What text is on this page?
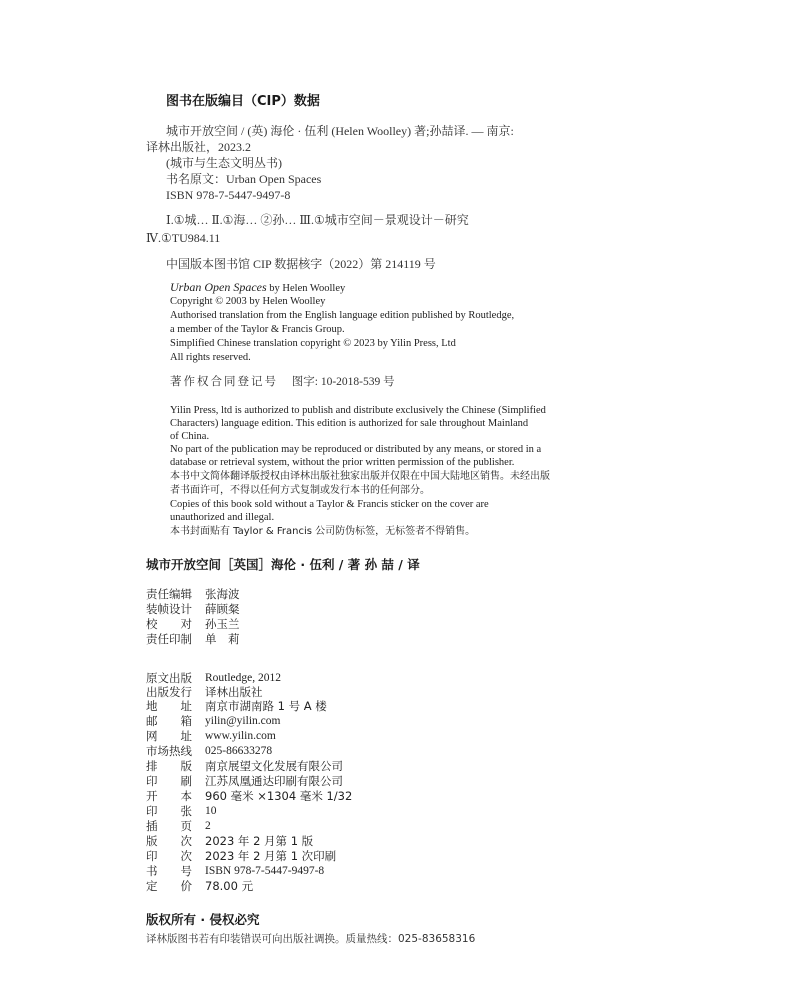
图书在版编目（CIP）数据
城市开放空间 / (英) 海伦 · 伍利 (Helen Woolley) 著;孙喆译. — 南京:
译林出版社，2023.2
(城市与生态文明丛书)
书名原文：Urban Open Spaces
ISBN 978-7-5447-9497-8
Ⅰ.①城… Ⅱ.①海… ②孙… Ⅲ.①城市空间－景观设计－研究
Ⅳ.①TU984.11
中国版本图书馆 CIP 数据核字（2022）第 214119 号
Urban Open Spaces by Helen Woolley
Copyright © 2003 by Helen Woolley
Authorised translation from the English language edition published by Routledge,
a member of the Taylor & Francis Group.
Simplified Chinese translation copyright © 2023 by Yilin Press, Ltd
All rights reserved.
著作权合同登记号 图字: 10-2018-539 号
Yilin Press, ltd is authorized to publish and distribute exclusively the Chinese (Simplified
Characters) language edition. This edition is authorized for sale throughout Mainland
of China.
No part of the publication may be reproduced or distributed by any means, or stored in a
database or retrieval system, without the prior written permission of the publisher.
本书中文简体翻译版授权由译林出版社独家出版并仅限在中国大陆地区销售。未经出版
者书面许可，不得以任何方式复制或发行本书的任何部分。
Copies of this book sold without a Taylor & Francis sticker on the cover are
unauthorized and illegal.
本书封面贴有 Taylor & Francis 公司防伪标签，无标签者不得销售。
城市开放空间［英国］海伦 · 伍利 / 著 孙 喆 / 译
责任编辑 张海波
装帧设计 薛顾粲
校　　对 孙玉兰
责任印制 单　莉
原文出版 Routledge, 2012
出版发行 译林出版社
地　　址 南京市湖南路 1 号 A 楼
邮　　箱 yilin@yilin.com
网　　址 www.yilin.com
市场热线 025-86633278
排　　版 南京展望文化发展有限公司
印　　刷 江苏凤凰通达印刷有限公司
开　　本 960 毫米 ×1304 毫米 1/32
印　　张 10
插　　页 2
版　　次 2023 年 2 月第 1 版
印　　次 2023 年 2 月第 1 次印刷
书　　号 ISBN 978-7-5447-9497-8
定　　价 78.00 元
版权所有 · 侵权必究
译林版图书若有印装错误可向出版社调换。质量热线：025-83658316
